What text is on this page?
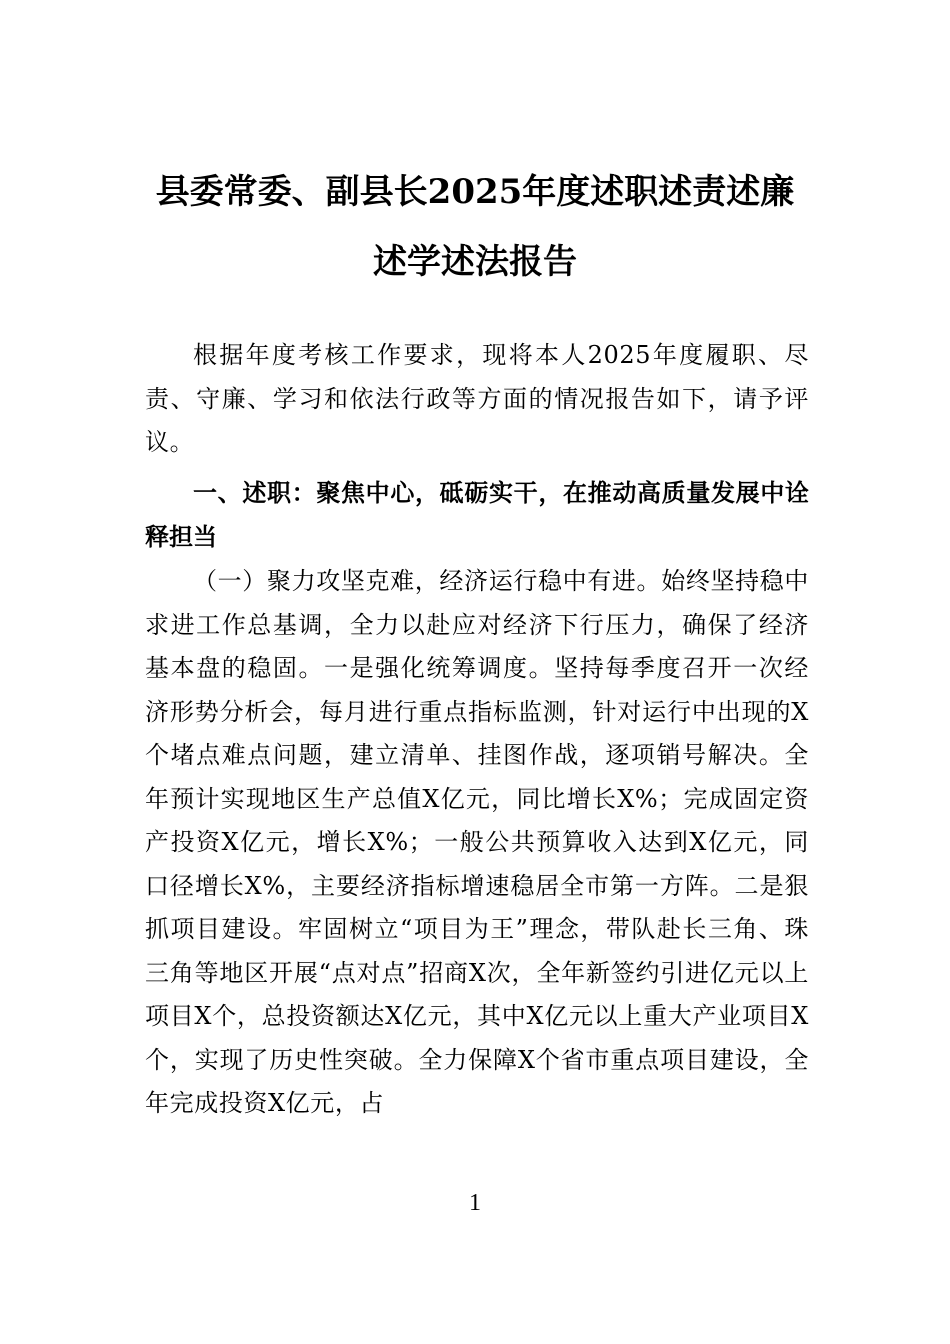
县委常委、副县长2025年度述职述责述廉
述学述法报告

根据年度考核工作要求，现将本人2025年度履职、尽责、守廉、学习和依法行政等方面的情况报告如下，请予评议。

一、述职：聚焦中心，砥砺实干，在推动高质量发展中诠释担当

（一）聚力攻坚克难，经济运行稳中有进。始终坚持稳中求进工作总基调，全力以赴应对经济下行压力，确保了经济基本盘的稳固。一是强化统筹调度。坚持每季度召开一次经济形势分析会，每月进行重点指标监测，针对运行中出现的X个堵点难点问题，建立清单、挂图作战，逐项销号解决。全年预计实现地区生产总值X亿元，同比增长X%；完成固定资产投资X亿元，增长X%；一般公共预算收入达到X亿元，同口径增长X%，主要经济指标增速稳居全市第一方阵。二是狠抓项目建设。牢固树立“项目为王”理念，带队赴长三角、珠三角等地区开展“点对点”招商X次，全年新签约引进亿元以上项目X个，总投资额达X亿元，其中X亿元以上重大产业项目X个，实现了历史性突破。全力保障X个省市重点项目建设，全年完成投资X亿元，占

1
